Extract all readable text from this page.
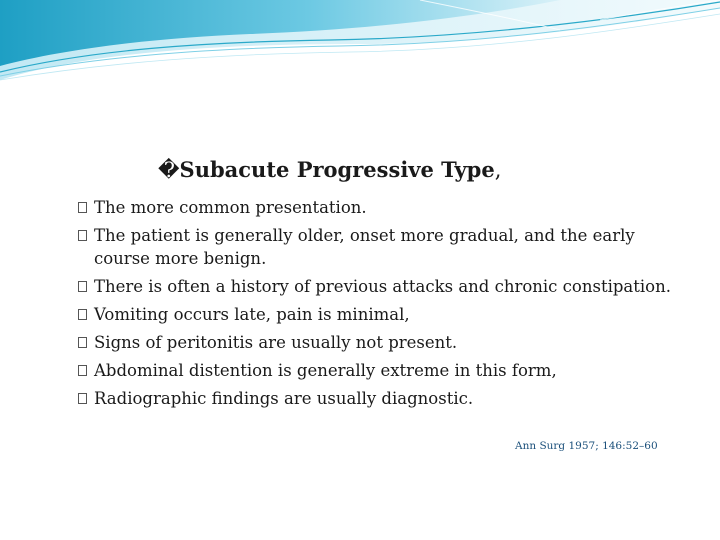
�Subacute Progressive Type,
The more common presentation.
The patient is generally older, onset more gradual, and the early course more benign.
There is often a history of previous attacks and chronic constipation.
Vomiting occurs late, pain is minimal,
Signs of peritonitis are usually not present.
Abdominal distention is generally extreme in this form,
Radiographic findings are usually diagnostic.
Ann Surg 1957; 146:52–60
